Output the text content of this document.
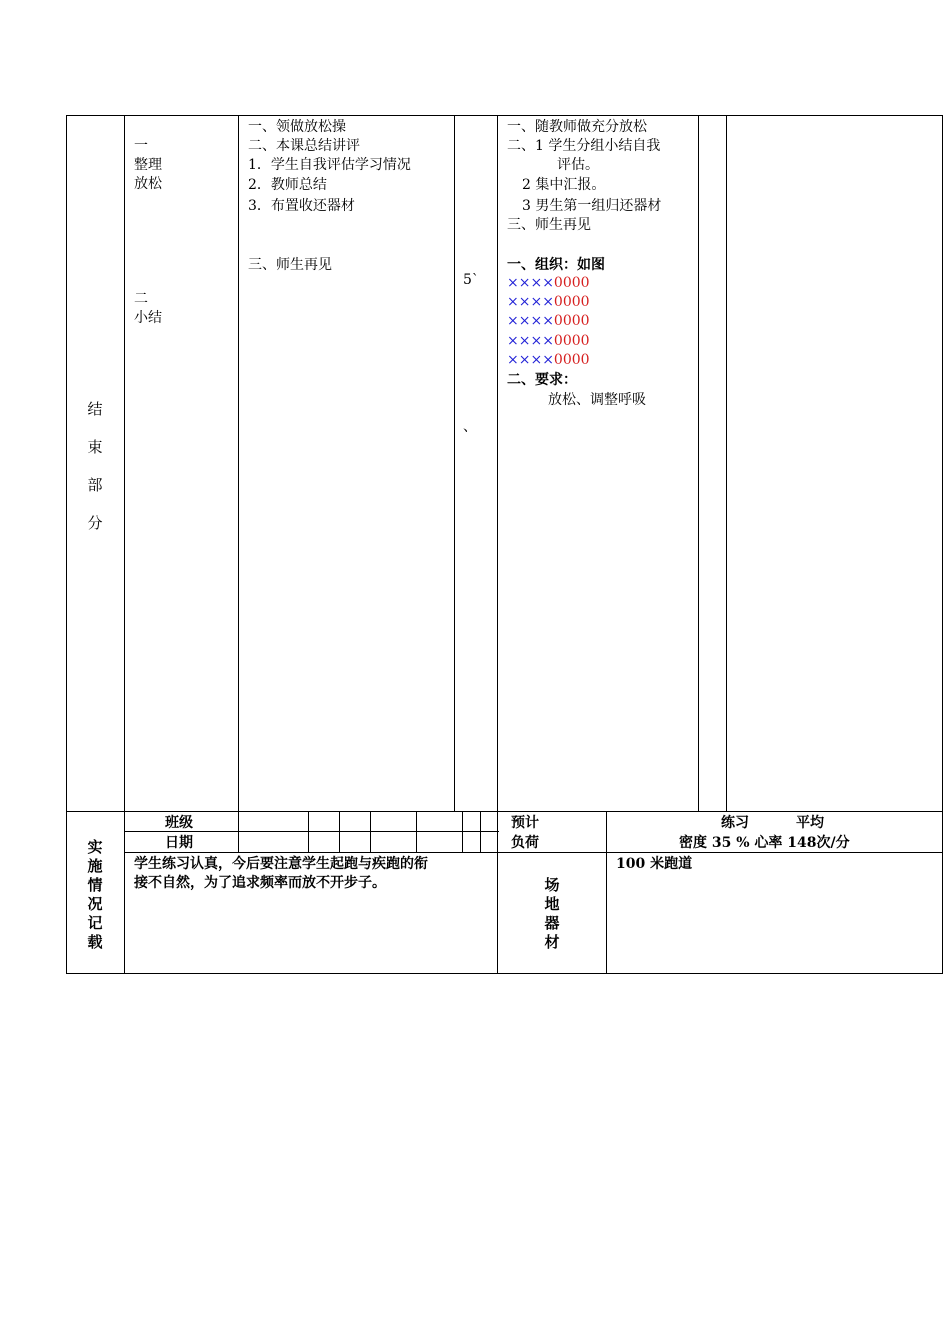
结
束
部
分
一
整理
放松
二
小结
一、领做放松操
二、本课总结讲评
1．学生自我评估学习情况
2．教师总结
3．布置收还器材
三、师生再见
5`
、
一、随教师做充分放松
二、1 学生分组小结自我
评估。
2 集中汇报。
3 男生第一组归还器材
三、师生再见
一、组织：如图
××××0000
××××0000
××××0000
××××0000
××××0000
二、要求：
放松、调整呼吸
班级
日期
预计
负荷
练习	平均
密度 35 % 心率 148次/分
实
施
情
况
记
载
学生练习认真，今后要注意学生起跑与疾跑的衔
接不自然，为了追求频率而放不开步子。	场
地
器
材
100 米跑道
